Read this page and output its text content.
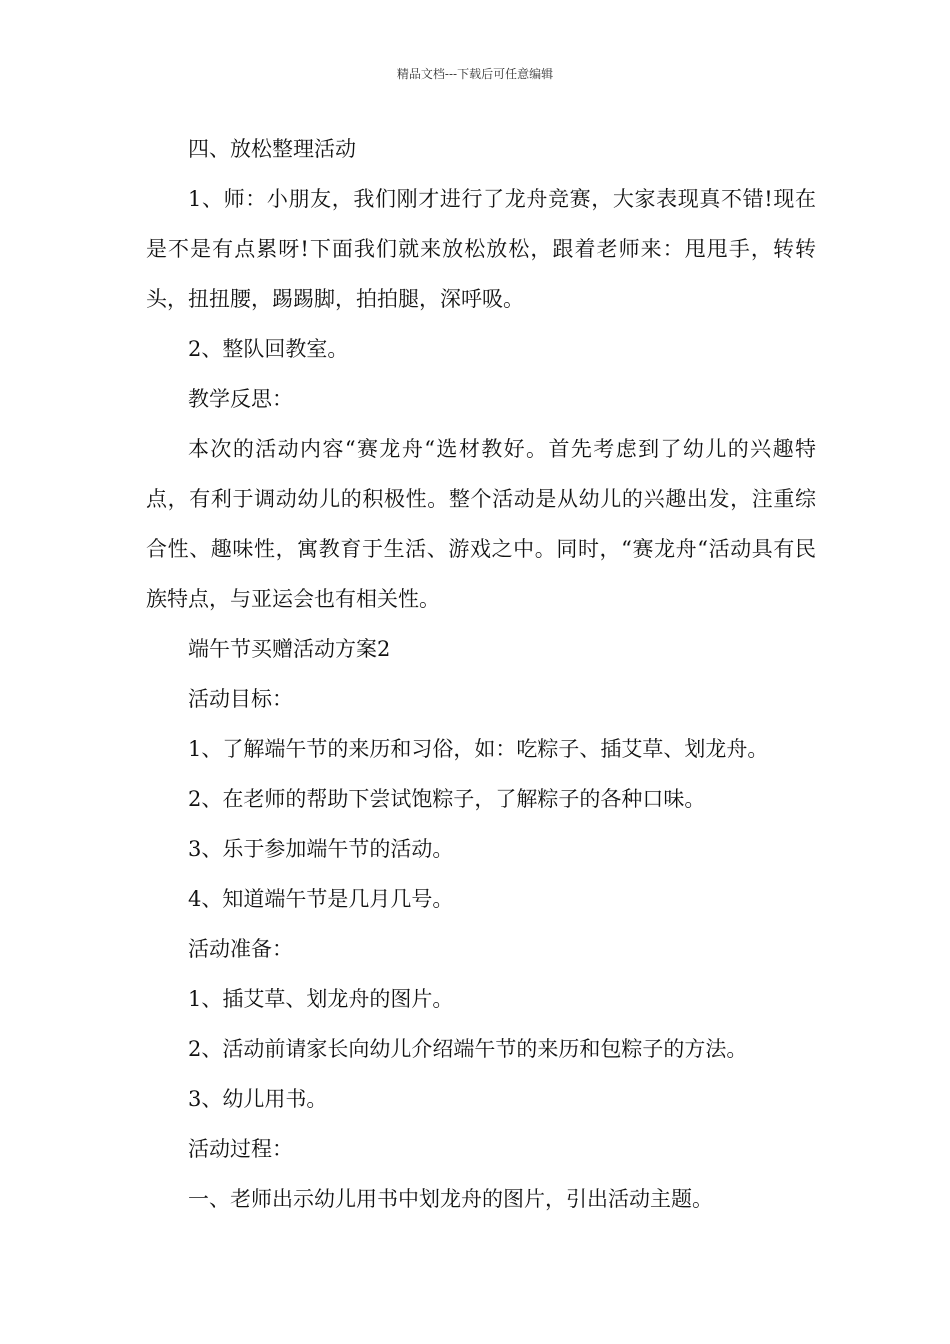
精品文档---下载后可任意编辑

四、放松整理活动

1、师：小朋友，我们刚才进行了龙舟竞赛，大家表现真不错!现在是不是有点累呀!下面我们就来放松放松，跟着老师来：甩甩手，转转头，扭扭腰，踢踢脚，拍拍腿，深呼吸。

2、整队回教室。

教学反思：

本次的活动内容“赛龙舟“选材教好。首先考虑到了幼儿的兴趣特点，有利于调动幼儿的积极性。整个活动是从幼儿的兴趣出发，注重综合性、趣味性，寓教育于生活、游戏之中。同时，“赛龙舟“活动具有民族特点，与亚运会也有相关性。

端午节买赠活动方案2

活动目标：

1、了解端午节的来历和习俗，如：吃粽子、插艾草、划龙舟。

2、在老师的帮助下尝试饱粽子，了解粽子的各种口味。

3、乐于参加端午节的活动。

4、知道端午节是几月几号。

活动准备：

1、插艾草、划龙舟的图片。

2、活动前请家长向幼儿介绍端午节的来历和包粽子的方法。

3、幼儿用书。

活动过程：

一、老师出示幼儿用书中划龙舟的图片，引出活动主题。
